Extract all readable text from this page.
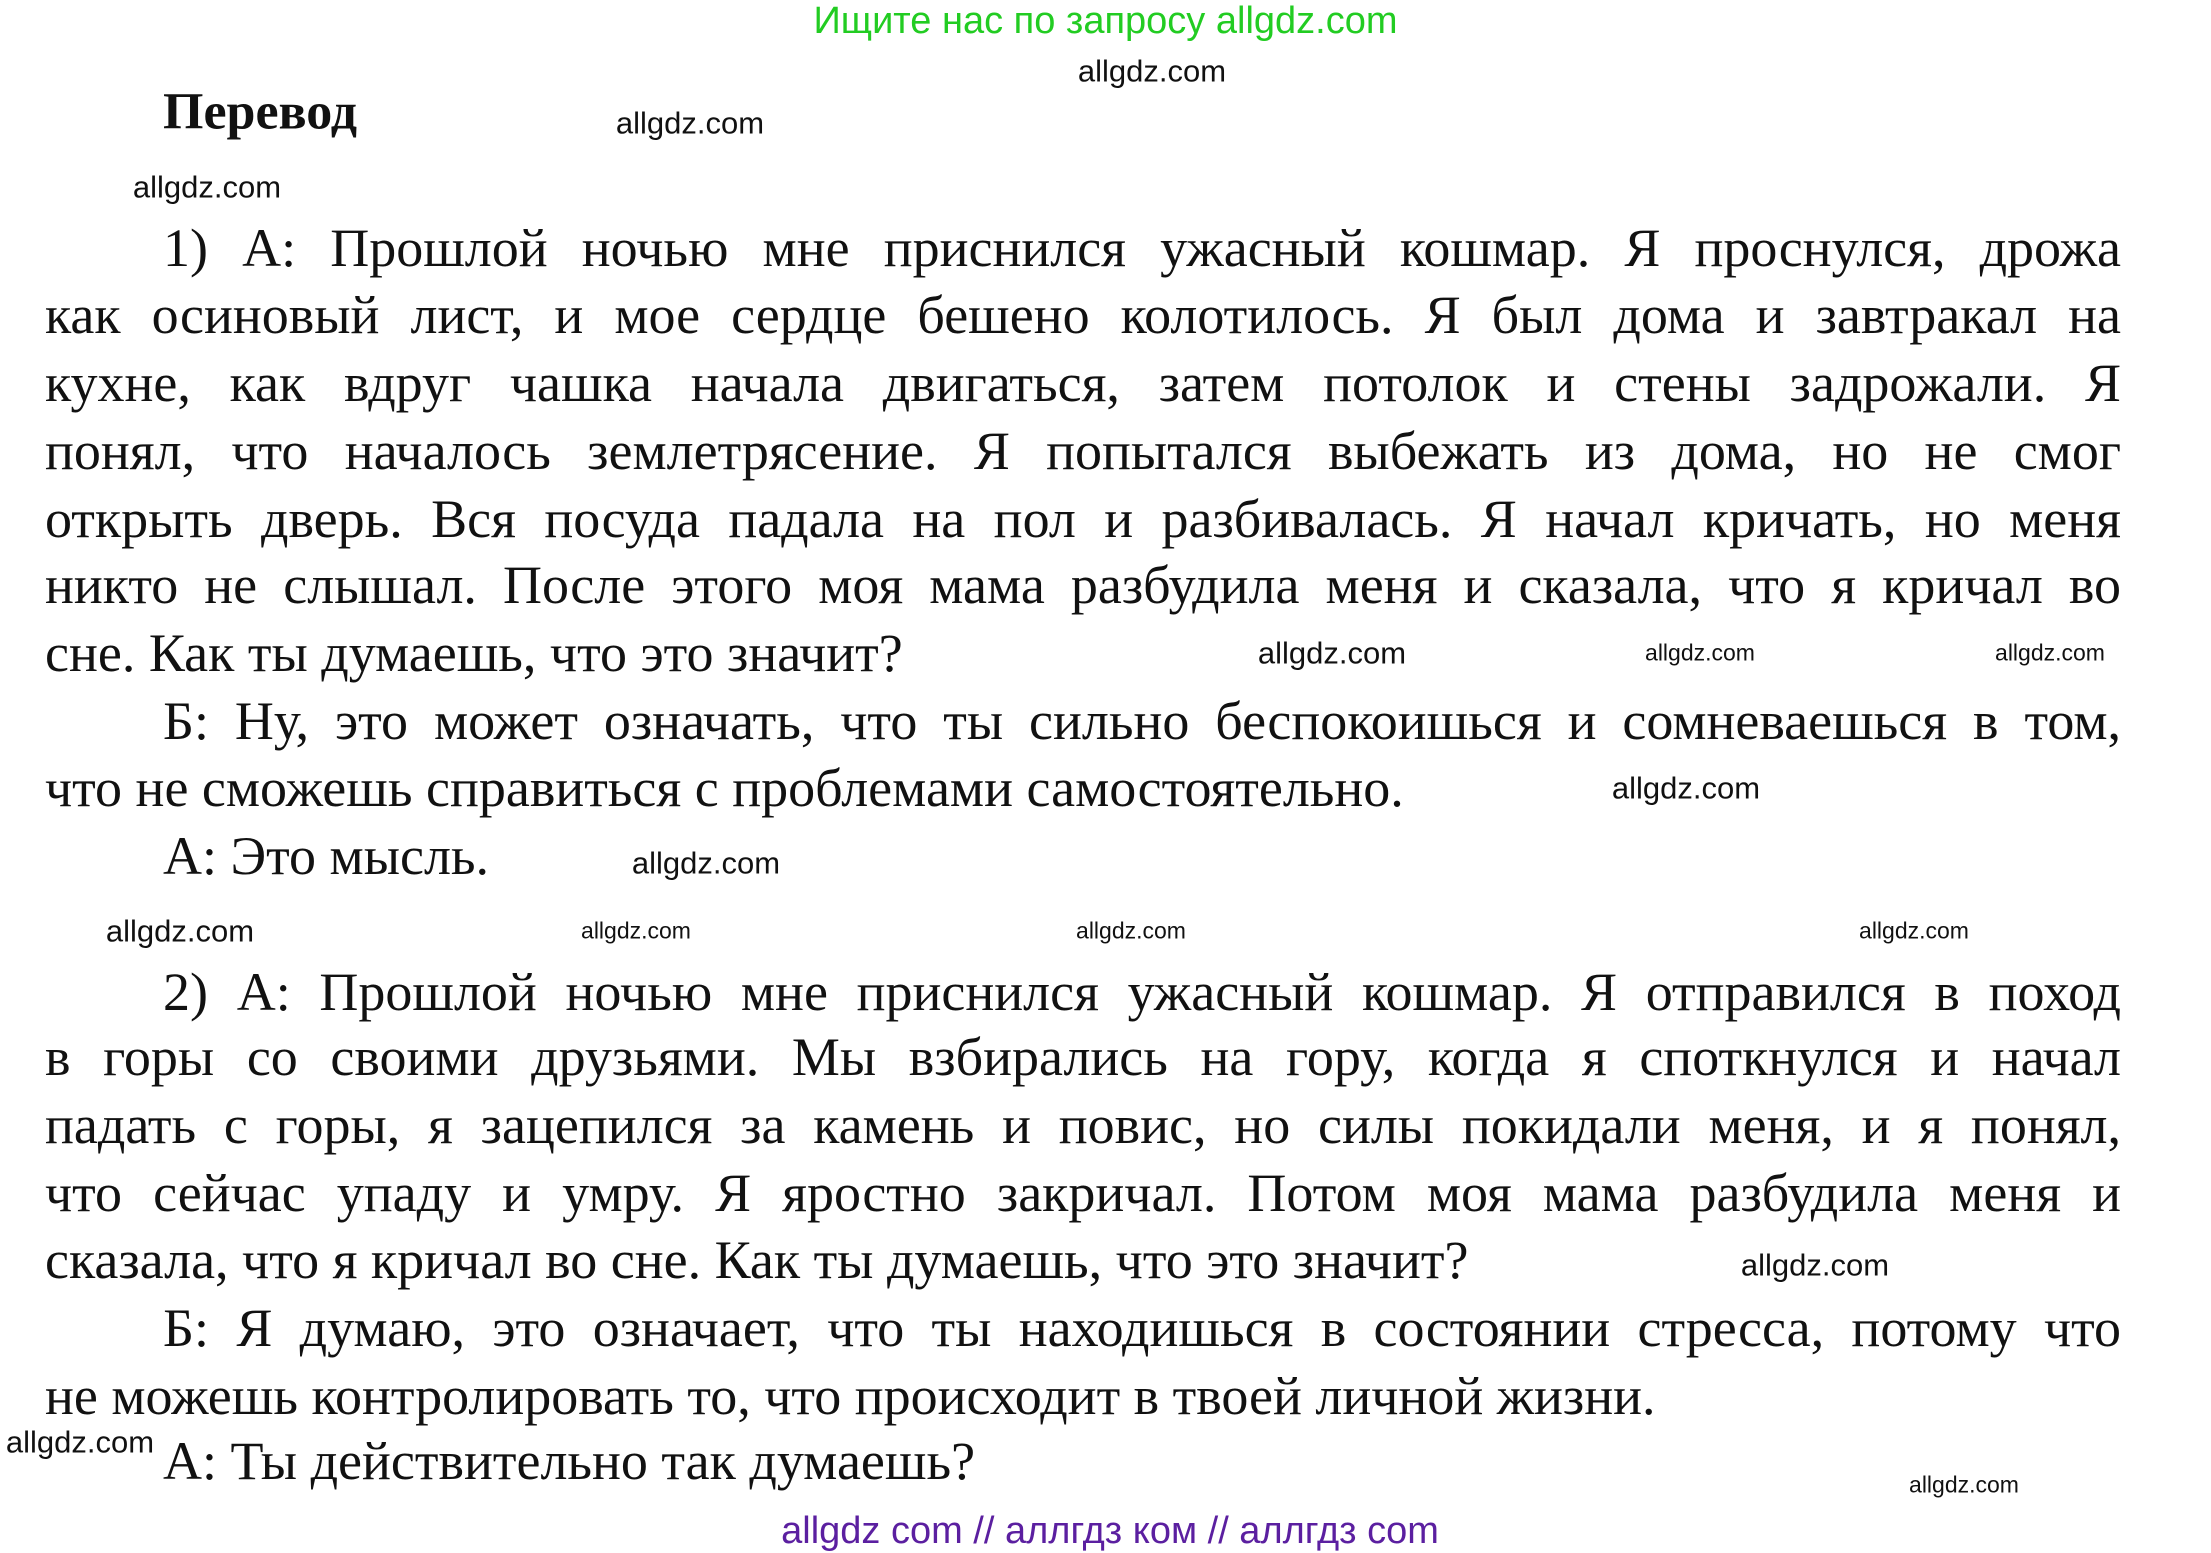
Ищите нас по запросу allgdz.com
Перевод
1) А: Прошлой ночью мне приснился ужасный кошмар. Я проснулся, дрожа
как осиновый лист, и мое сердце бешено колотилось. Я был дома и завтракал на
кухне, как вдруг чашка начала двигаться, затем потолок и стены задрожали. Я
понял, что началось землетрясение. Я попытался выбежать из дома, но не смог
открыть дверь. Вся посуда падала на пол и разбивалась. Я начал кричать, но меня
никто не слышал. После этого моя мама разбудила меня и сказала, что я кричал во
сне. Как ты думаешь, что это значит?
Б: Ну, это может означать, что ты сильно беспокоишься и сомневаешься в том,
что не сможешь справиться с проблемами самостоятельно.
А: Это мысль.
2) А: Прошлой ночью мне приснился ужасный кошмар. Я отправился в поход
в горы со своими друзьями. Мы взбирались на гору, когда я споткнулся и начал
падать с горы, я зацепился за камень и повис, но силы покидали меня, и я понял,
что сейчас упаду и умру. Я яростно закричал. Потом моя мама разбудила меня и
сказала, что я кричал во сне. Как ты думаешь, что это значит?
Б: Я думаю, это означает, что ты находишься в состоянии стресса, потому что
не можешь контролировать то, что происходит в твоей личной жизни.
А: Ты действительно так думаешь?
allgdz.com
allgdz.com
allgdz.com
allgdz.com	allgdz.com
allgdz.com
allgdz.com
allgdz.com
allgdz.com	allgdz.com
allgdz.com
allgdz.com
allgdz.com
allgdz.com
allgdz.com
allgdz com // аллгдз ком // аллгдз com
